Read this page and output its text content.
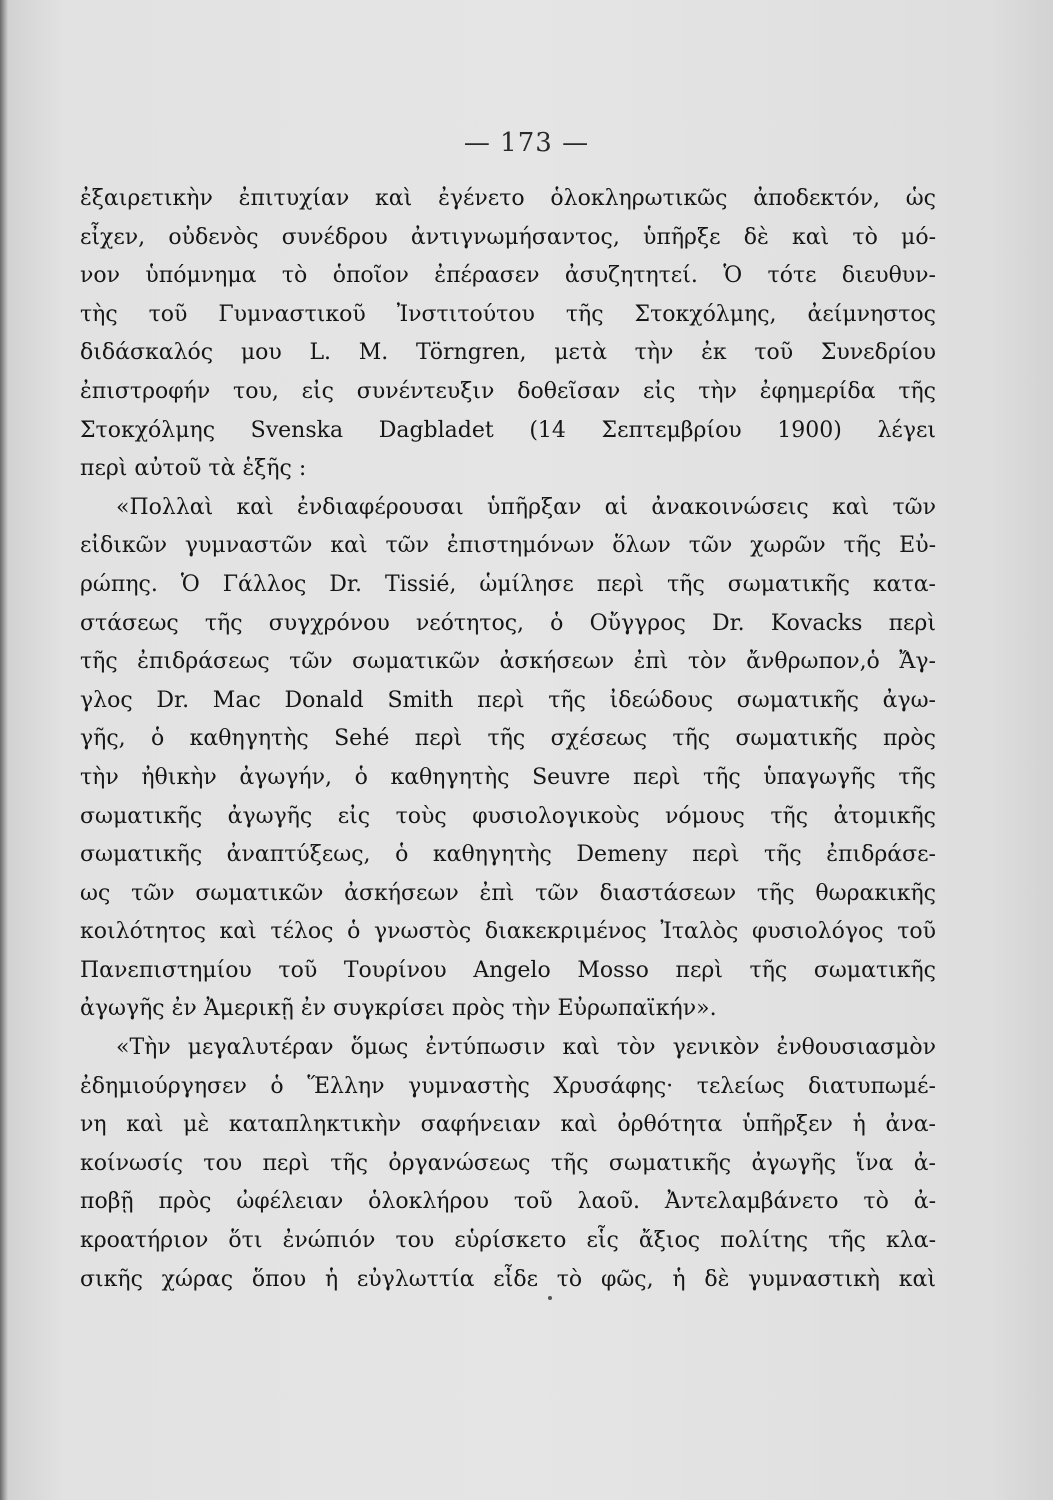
— 173 —
ἐξαιρετικὴν ἐπιτυχίαν καὶ ἐγένετο ὁλοκληρωτικῶς ἀποδεκτόν, ὡς
εἶχεν, οὐδενὸς συνέδρου ἀντιγνωμήσαντος, ὑπῆρξε δὲ καὶ τὸ μό-
νον ὑπόμνημα τὸ ὁποῖον ἐπέρασεν ἀσυζητητεί. Ὁ τότε διευθυν-
τὴς τοῦ Γυμναστικοῦ Ἰνστιτούτου τῆς Στοκχόλμης, ἀείμνηστος
διδάσκαλός μου L. M. Törngren, μετὰ τὴν ἐκ τοῦ Συνεδρίου
ἐπιστροφήν του, εἰς συνέντευξιν δοθεῖσαν εἰς τὴν ἐφημερίδα τῆς
Στοκχόλμης Svenska Dagbladet (14 Σεπτεμβρίου 1900) λέγει
περὶ αὐτοῦ τὰ ἑξῆς :
«Πολλαὶ καὶ ἐνδιαφέρουσαι ὑπῆρξαν αἱ ἀνακοινώσεις καὶ τῶν
εἰδικῶν γυμναστῶν καὶ τῶν ἐπιστημόνων ὅλων τῶν χωρῶν τῆς Εὐ-
ρώπης. Ὁ Γάλλος Dr. Tissié, ὡμίλησε περὶ τῆς σωματικῆς κατα-
στάσεως τῆς συγχρόνου νεότητος, ὁ Οὔγγρος Dr. Kovacks περὶ
τῆς ἐπιδράσεως τῶν σωματικῶν ἀσκήσεων ἐπὶ τὸν ἄνθρωπον,ὁ Ἄγ-
γλος Dr. Mac Donald Smith περὶ τῆς ἰδεώδους σωματικῆς ἀγω-
γῆς, ὁ καθηγητὴς Sehé περὶ τῆς σχέσεως τῆς σωματικῆς πρὸς
τὴν ἠθικὴν ἀγωγήν, ὁ καθηγητὴς Seuvre περὶ τῆς ὑπαγωγῆς τῆς
σωματικῆς ἀγωγῆς εἰς τοὺς φυσιολογικοὺς νόμους τῆς ἀτομικῆς
σωματικῆς ἀναπτύξεως, ὁ καθηγητὴς Demeny περὶ τῆς ἐπιδράσε-
ως τῶν σωματικῶν ἀσκήσεων ἐπὶ τῶν διαστάσεων τῆς θωρακικῆς
κοιλότητος καὶ τέλος ὁ γνωστὸς διακεκριμένος Ἰταλὸς φυσιολόγος τοῦ
Πανεπιστημίου τοῦ Τουρίνου Angelo Mosso περὶ τῆς σωματικῆς
ἀγωγῆς ἐν Ἀμερικῇ ἐν συγκρίσει πρὸς τὴν Εὐρωπαϊκήν».
«Τὴν μεγαλυτέραν ὅμως ἐντύπωσιν καὶ τὸν γενικὸν ἐνθουσιασμὸν
ἐδημιούργησεν ὁ Ἕλλην γυμναστὴς Χρυσάφης· τελείως διατυπωμέ-
νη καὶ μὲ καταπληκτικὴν σαφήνειαν καὶ ὀρθότητα ὑπῆρξεν ἡ ἀνα-
κοίνωσίς του περὶ τῆς ὀργανώσεως τῆς σωματικῆς ἀγωγῆς ἵνα ἀ-
ποβῇ πρὸς ὠφέλειαν ὁλοκλήρου τοῦ λαοῦ. Ἀντελαμβάνετο τὸ ἀ-
κροατήριον ὅτι ἐνώπιόν του εὑρίσκετο εἷς ἄξιος πολίτης τῆς κλα-
σικῆς χώρας ὅπου ἡ εὐγλωττία εἶδε τὸ φῶς, ἡ δὲ γυμναστικὴ καὶ
